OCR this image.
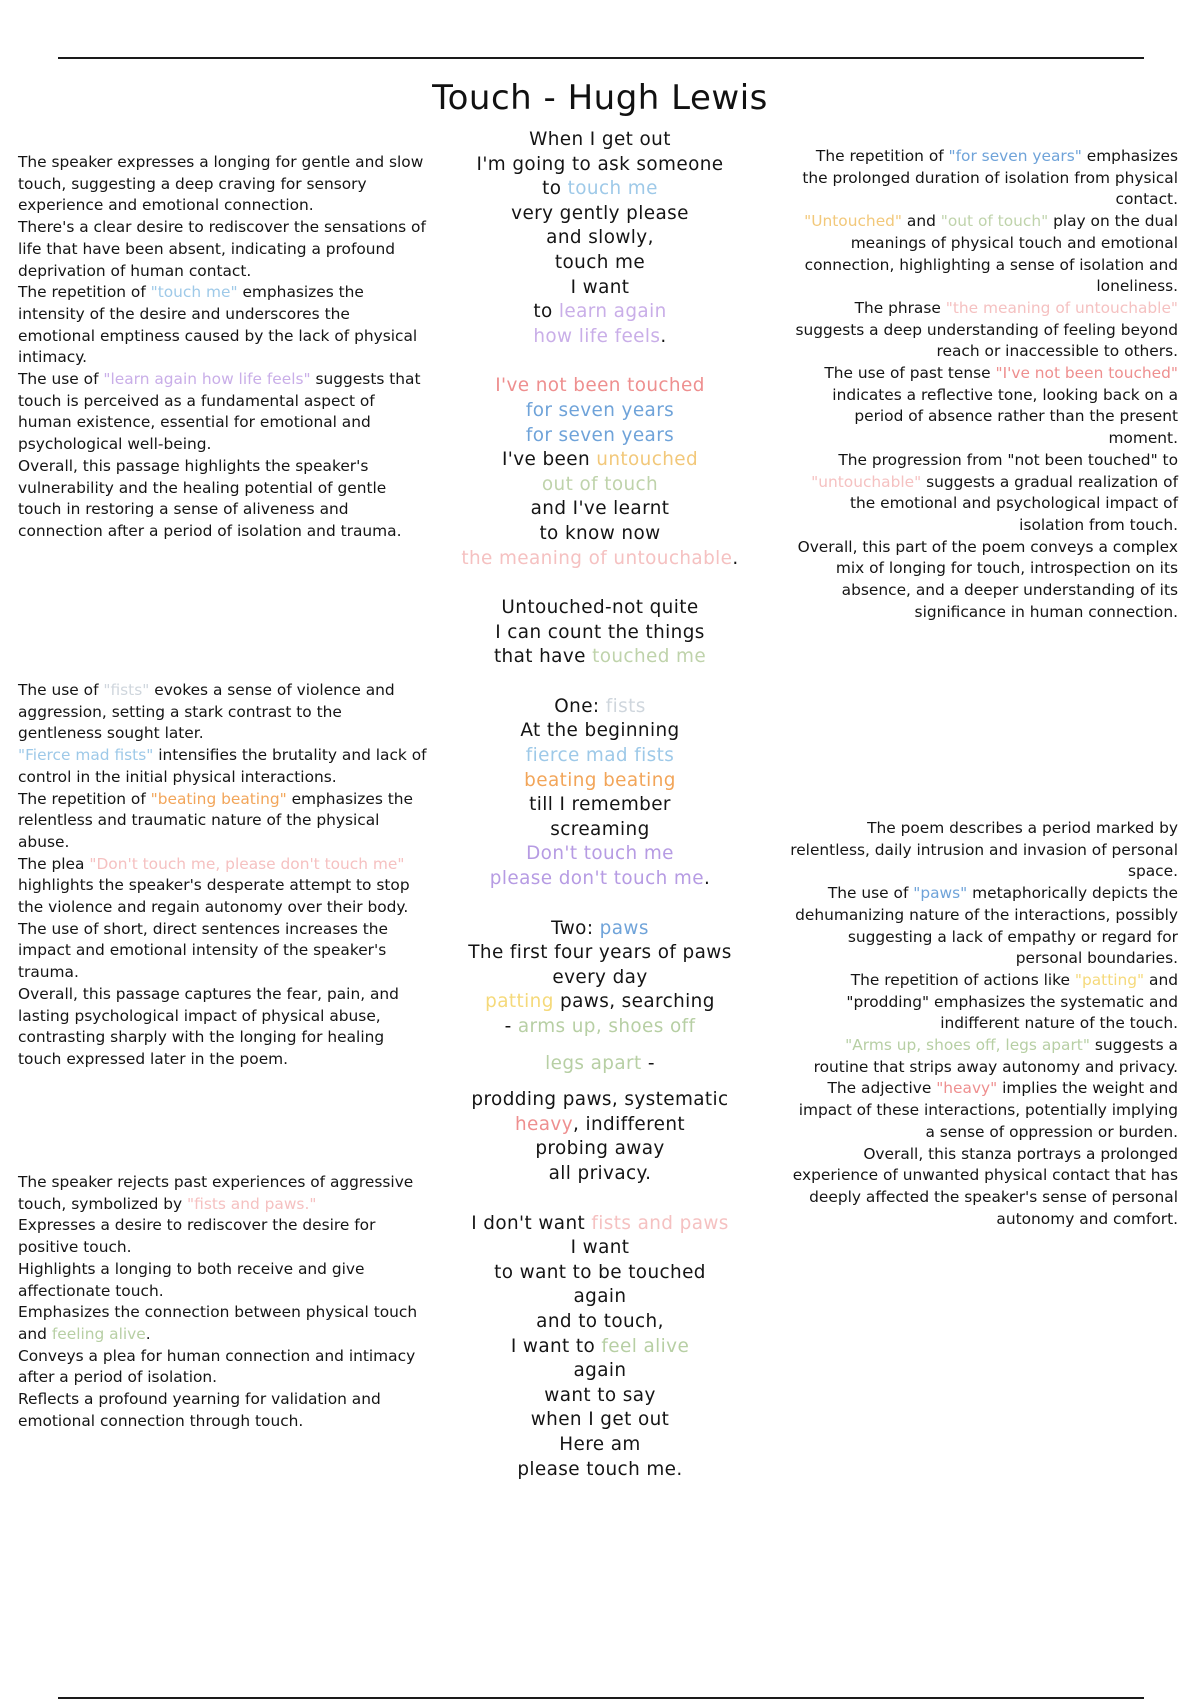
Touch - Hugh Lewis

The speaker expresses a longing for gentle and slow touch, suggesting a deep craving for sensory experience and emotional connection.

There's a clear desire to rediscover the sensations of life that have been absent, indicating a profound deprivation of human contact.

The repetition of "touch me" emphasizes the intensity of the desire and underscores the emotional emptiness caused by the lack of physical intimacy.

The use of "learn again how life feels" suggests that touch is perceived as a fundamental aspect of human existence, essential for emotional and psychological well-being.

Overall, this passage highlights the speaker's vulnerability and the healing potential of gentle touch in restoring a sense of aliveness and connection after a period of isolation and trauma.

The use of "fists" evokes a sense of violence and aggression, setting a stark contrast to the gentleness sought later.

"Fierce mad fists" intensifies the brutality and lack of control in the initial physical interactions.

The repetition of "beating beating" emphasizes the relentless and traumatic nature of the physical abuse.

The plea "Don't touch me, please don't touch me" highlights the speaker's desperate attempt to stop the violence and regain autonomy over their body.

The use of short, direct sentences increases the impact and emotional intensity of the speaker's trauma.

Overall, this passage captures the fear, pain, and lasting psychological impact of physical abuse, contrasting sharply with the longing for healing touch expressed later in the poem.

The speaker rejects past experiences of aggressive touch, symbolized by "fists and paws."

Expresses a desire to rediscover the desire for positive touch.

Highlights a longing to both receive and give affectionate touch.

Emphasizes the connection between physical touch and feeling alive.

Conveys a plea for human connection and intimacy after a period of isolation.

Reflects a profound yearning for validation and emotional connection through touch.

When I get out
I'm going to ask someone
to touch me
very gently please
and slowly,
touch me
I want
to learn again
how life feels.
I've not been touched
for seven years
for seven years
I've been untouched
out of touch
and I've learnt
to know now
the meaning of untouchable.
Untouched-not quite
I can count the things
that have touched me
One: fists
At the beginning
fierce mad fists
beating beating
till I remember
screaming
Don't touch me
please don't touch me.
Two: paws
The first four years of paws
every day
patting paws, searching
- arms up, shoes off
legs apart -
prodding paws, systematic
heavy, indifferent
probing away
all privacy.
I don't want fists and paws
I want
to want to be touched
again
and to touch,
I want to feel alive
again
want to say
when I get out
Here am
please touch me.

The repetition of "for seven years" emphasizes the prolonged duration of isolation from physical contact.

"Untouched" and "out of touch" play on the dual meanings of physical touch and emotional connection, highlighting a sense of isolation and loneliness.

The phrase "the meaning of untouchable" suggests a deep understanding of feeling beyond reach or inaccessible to others.

The use of past tense "I've not been touched" indicates a reflective tone, looking back on a period of absence rather than the present moment.

The progression from "not been touched" to "untouchable" suggests a gradual realization of the emotional and psychological impact of isolation from touch.

Overall, this part of the poem conveys a complex mix of longing for touch, introspection on its absence, and a deeper understanding of its significance in human connection.

The poem describes a period marked by relentless, daily intrusion and invasion of personal space.

The use of "paws" metaphorically depicts the dehumanizing nature of the interactions, possibly suggesting a lack of empathy or regard for personal boundaries.

The repetition of actions like "patting" and "prodding" emphasizes the systematic and indifferent nature of the touch.

"Arms up, shoes off, legs apart" suggests a routine that strips away autonomy and privacy.

The adjective "heavy" implies the weight and impact of these interactions, potentially implying a sense of oppression or burden.

Overall, this stanza portrays a prolonged experience of unwanted physical contact that has deeply affected the speaker's sense of personal autonomy and comfort.
